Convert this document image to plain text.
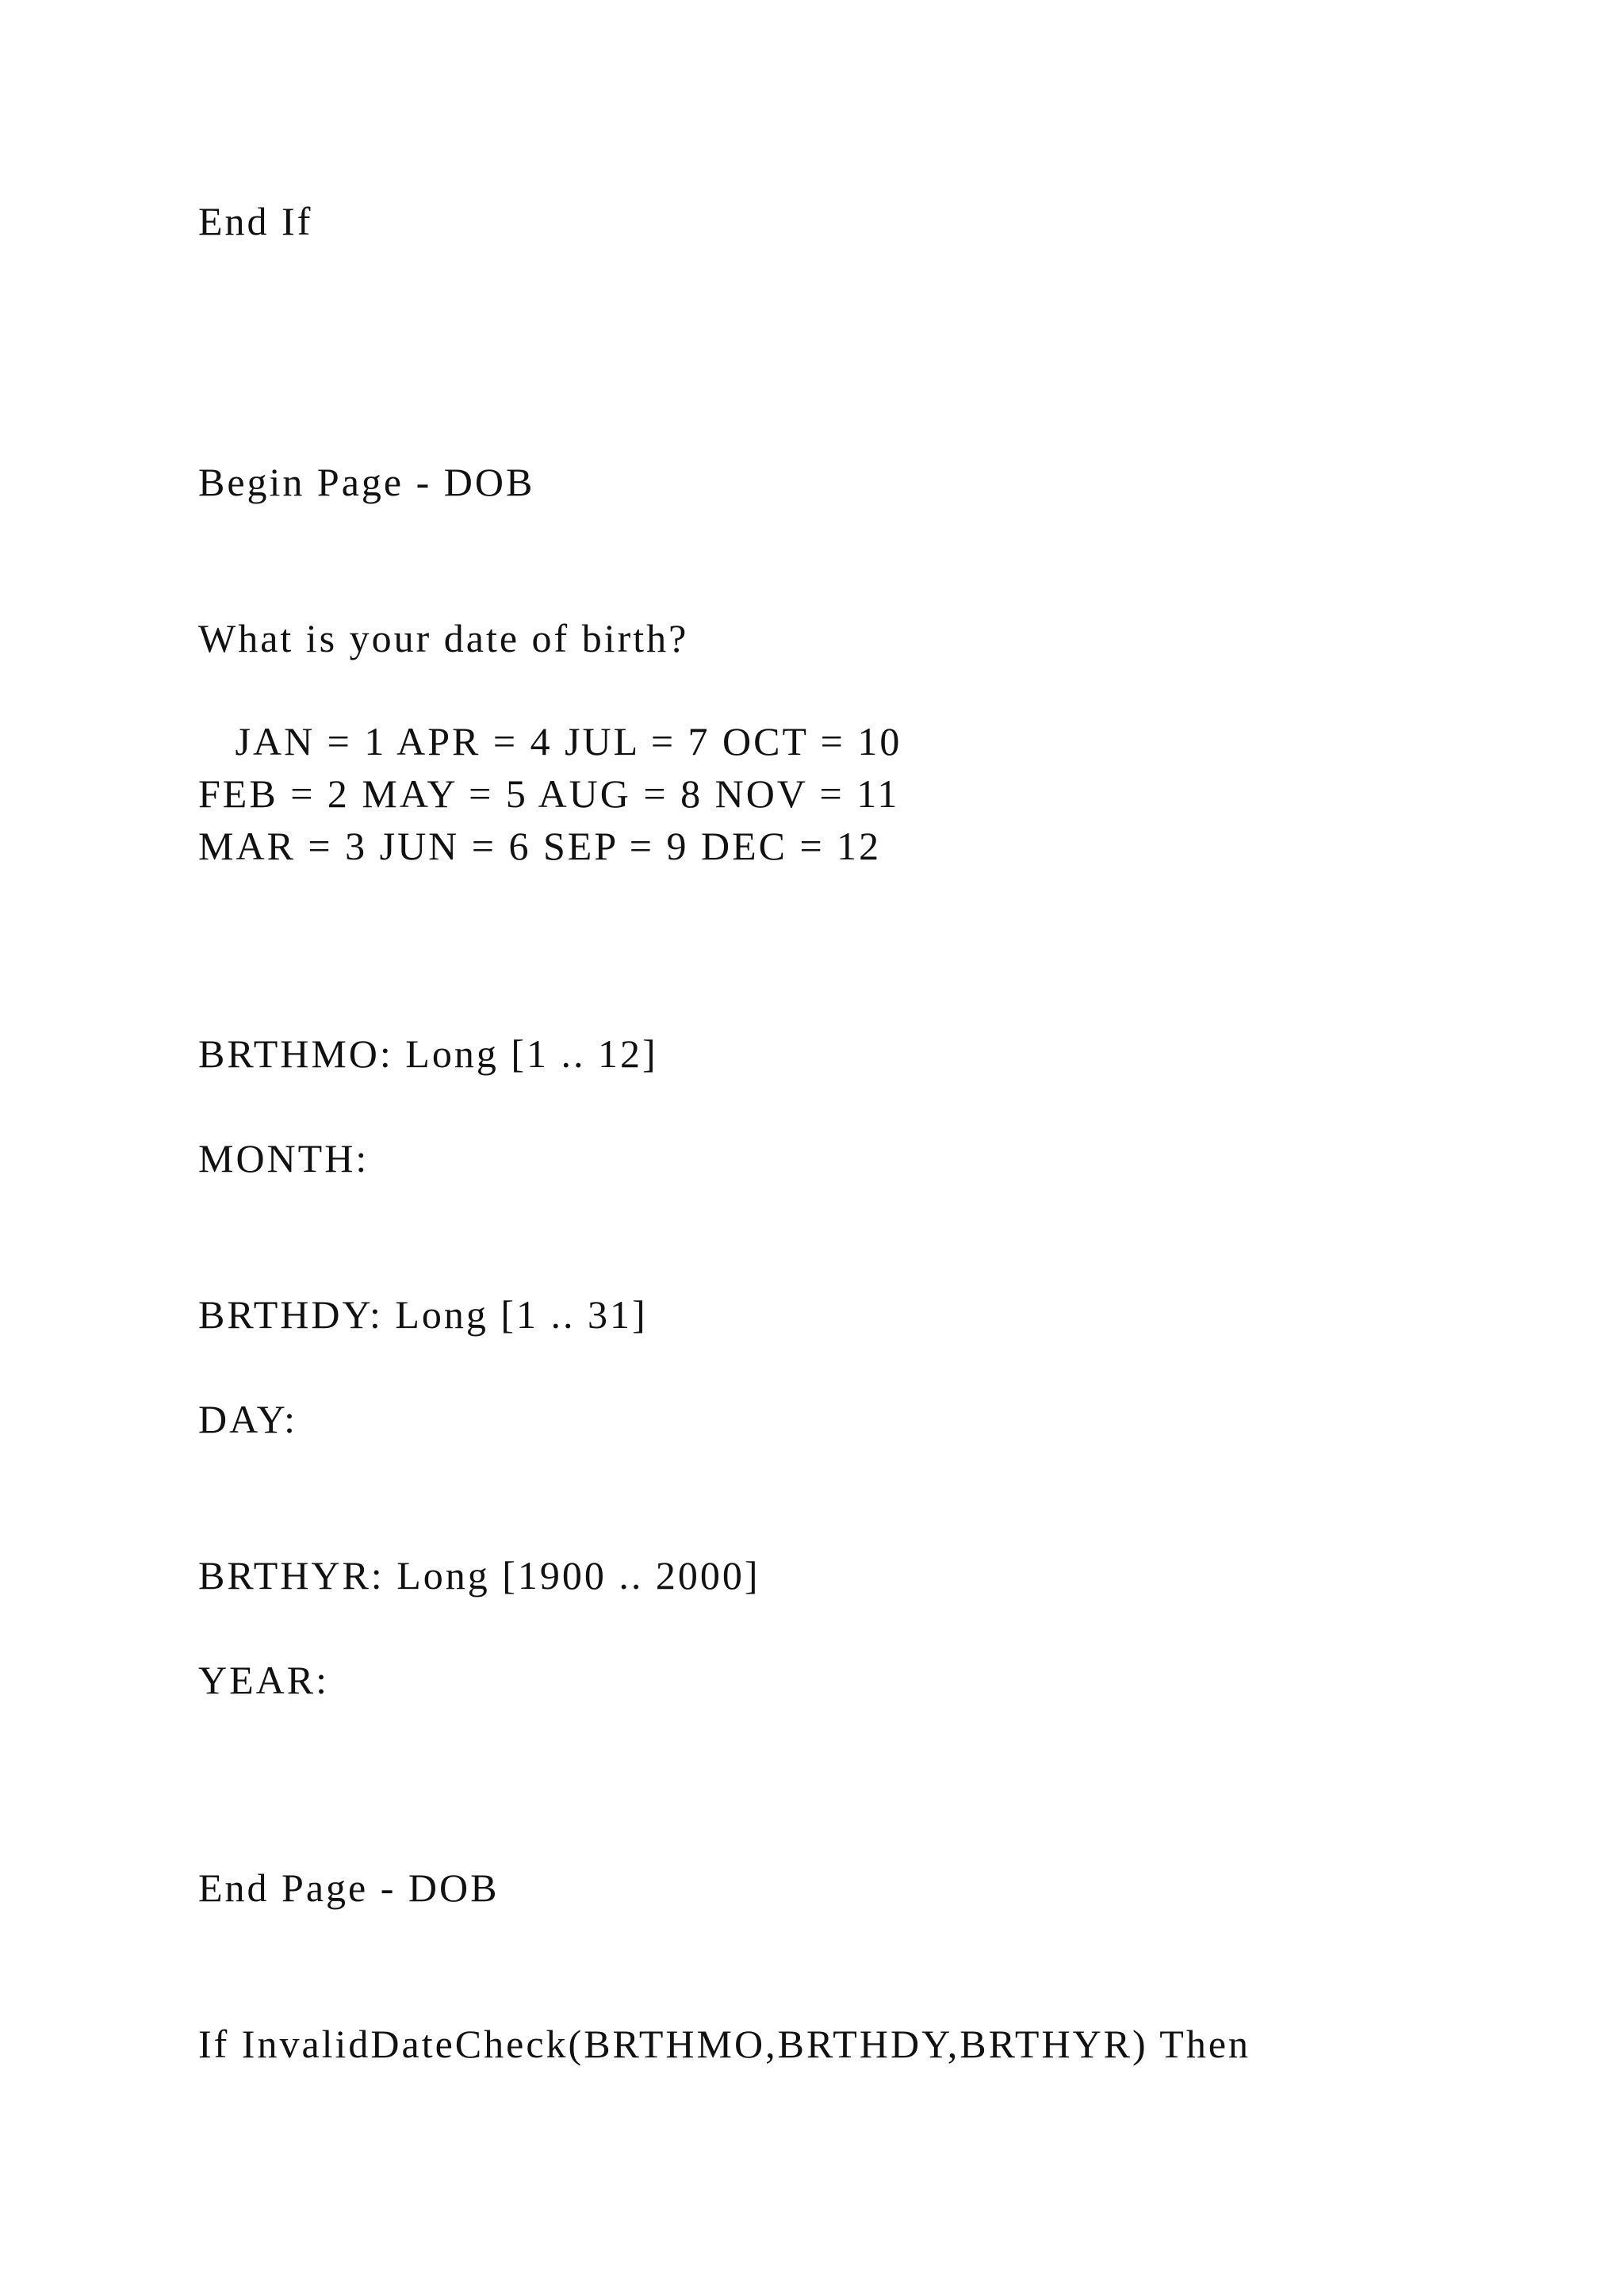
End If
Begin Page - DOB
What is your date of birth?
JAN = 1 APR = 4 JUL = 7 OCT = 10
FEB = 2 MAY = 5 AUG = 8 NOV = 11
MAR = 3 JUN = 6 SEP = 9 DEC = 12
BRTHMO: Long [1 .. 12]
MONTH:
BRTHDY: Long [1 .. 31]
DAY:
BRTHYR: Long [1900 .. 2000]
YEAR:
End Page - DOB
If InvalidDateCheck(BRTHMO,BRTHDY,BRTHYR) Then
